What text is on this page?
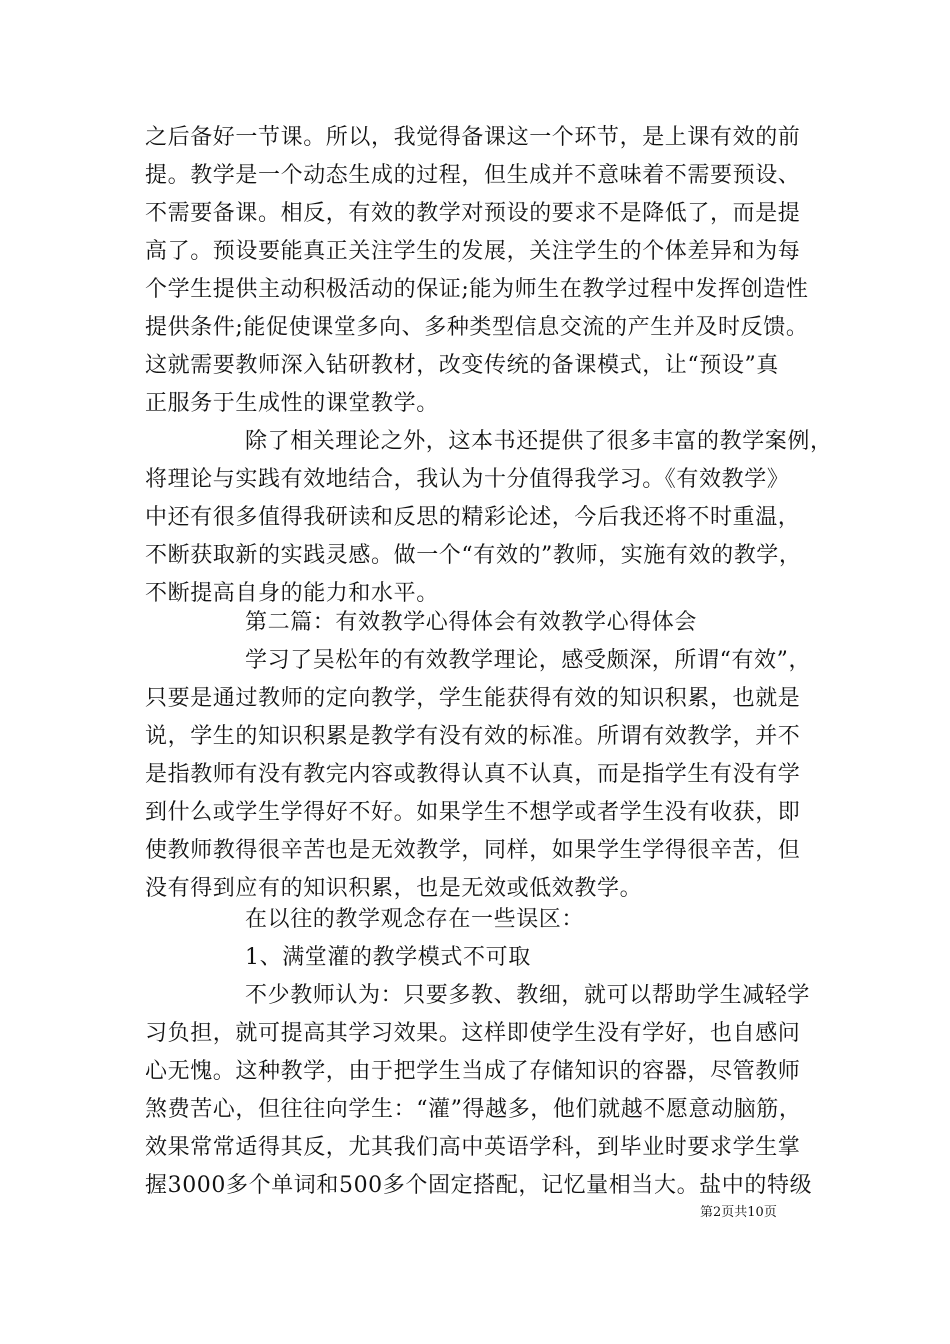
之后备好一节课。所以，我觉得备课这一个环节，是上课有效的前
提。教学是一个动态生成的过程，但生成并不意味着不需要预设、
不需要备课。相反，有效的教学对预设的要求不是降低了，而是提
高了。预设要能真正关注学生的发展，关注学生的个体差异和为每
个学生提供主动积极活动的保证;能为师生在教学过程中发挥创造性
提供条件;能促使课堂多向、多种类型信息交流的产生并及时反馈。
这就需要教师深入钻研教材，改变传统的备课模式，让“预设”真
正服务于生成性的课堂教学。
除了相关理论之外，这本书还提供了很多丰富的教学案例，
将理论与实践有效地结合，我认为十分值得我学习。《有效教学》
中还有很多值得我研读和反思的精彩论述，今后我还将不时重温，
不断获取新的实践灵感。做一个“有效的”教师，实施有效的教学，
不断提高自身的能力和水平。
第二篇：有效教学心得体会有效教学心得体会
学习了吴松年的有效教学理论，感受颇深，所谓“有效”，
只要是通过教师的定向教学，学生能获得有效的知识积累，也就是
说，学生的知识积累是教学有没有效的标准。所谓有效教学，并不
是指教师有没有教完内容或教得认真不认真，而是指学生有没有学
到什么或学生学得好不好。如果学生不想学或者学生没有收获，即
使教师教得很辛苦也是无效教学，同样，如果学生学得很辛苦，但
没有得到应有的知识积累，也是无效或低效教学。
在以往的教学观念存在一些误区：
1、满堂灌的教学模式不可取
不少教师认为：只要多教、教细，就可以帮助学生减轻学
习负担，就可提高其学习效果。这样即使学生没有学好，也自感问
心无愧。这种教学，由于把学生当成了存储知识的容器，尽管教师
煞费苦心，但往往向学生：“灌”得越多，他们就越不愿意动脑筋，
效果常常适得其反，尤其我们高中英语学科，到毕业时要求学生掌
握3000多个单词和500多个固定搭配，记忆量相当大。盐中的特级
第2页共10页
